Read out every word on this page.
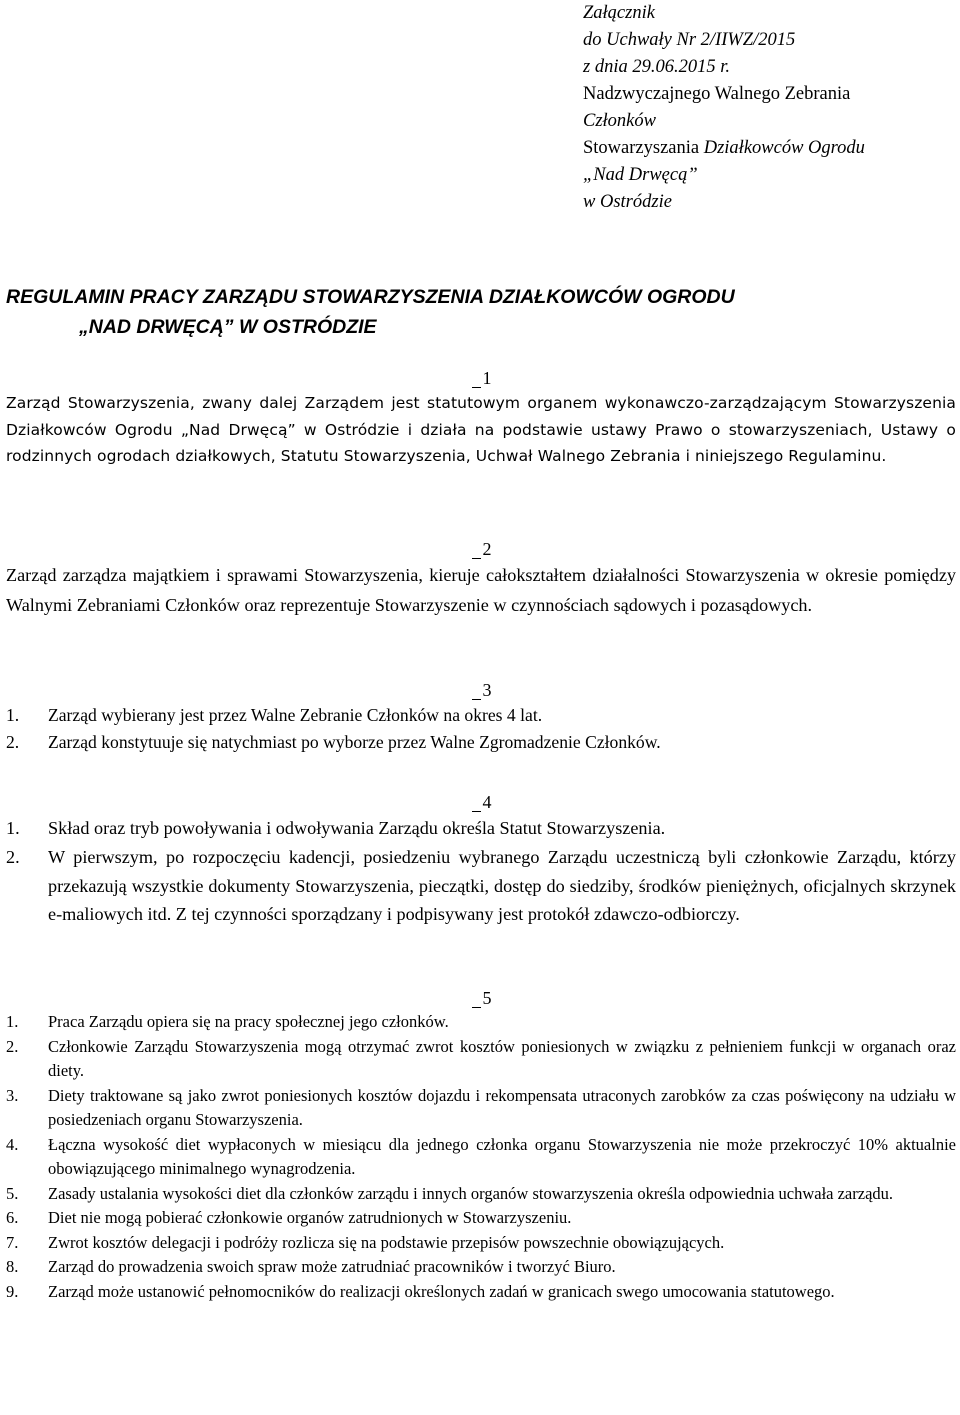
Załącznik
do Uchwały Nr 2/IIWZ/2015
z dnia 29.06.2015 r.
Nadzwyczajnego Walnego Zebrania
Członków
Stowarzyszania Działkowców Ogrodu
„Nad Drwęcą”
w Ostródzie
REGULAMIN PRACY ZARZĄDU STOWARZYSZENIA DZIAŁKOWCÓW OGRODU
„NAD DRWĘCĄ” W OSTRÓDZIE
1
Zarząd Stowarzyszenia, zwany dalej Zarządem jest statutowym organem wykonawczo-zarządzającym Stowarzyszenia Działkowców Ogrodu „Nad Drwęcą” w Ostródzie i działa na podstawie ustawy Prawo o stowarzyszeniach, Ustawy o rodzinnych ogrodach działkowych, Statutu Stowarzyszenia, Uchwał Walnego Zebrania i niniejszego Regulaminu.
2
Zarząd zarządza majątkiem i sprawami Stowarzyszenia, kieruje całokształtem działalności Stowarzyszenia w okresie pomiędzy Walnymi Zebraniami Członków oraz reprezentuje Stowarzyszenie w czynnościach sądowych i pozasądowych.
3
1. Zarząd wybierany jest przez Walne Zebranie Członków na okres 4 lat.
2. Zarząd konstytuuje się natychmiast po wyborze przez Walne Zgromadzenie Członków.
4
1. Skład oraz tryb powoływania i odwoływania Zarządu określa Statut Stowarzyszenia.
2. W pierwszym, po rozpoczęciu kadencji, posiedzeniu wybranego Zarządu uczestniczą byli członkowie Zarządu, którzy przekazują wszystkie dokumenty Stowarzyszenia, pieczątki, dostęp do siedziby, środków pieniężnych, oficjalnych skrzynek e-maliowych itd. Z tej czynności sporządzany i podpisywany jest protokół zdawczo-odbiorczy.
5
1. Praca Zarządu opiera się na pracy społecznej jego członków.
2. Członkowie Zarządu Stowarzyszenia mogą otrzymać zwrot kosztów poniesionych w związku z pełnieniem funkcji w organach oraz diety.
3. Diety traktowane są jako zwrot poniesionych kosztów dojazdu i rekompensata utraconych zarobków za czas poświęcony na udziału w posiedzeniach organu Stowarzyszenia.
4. Łączna wysokość diet wypłaconych w miesiącu dla jednego członka organu Stowarzyszenia nie może przekroczyć 10% aktualnie obowiązującego minimalnego wynagrodzenia.
5. Zasady ustalania wysokości diet dla członków zarządu i innych organów stowarzyszenia określa odpowiednia uchwała zarządu.
6. Diet nie mogą pobierać członkowie organów zatrudnionych w Stowarzyszeniu.
7. Zwrot kosztów delegacji i podróży rozlicza się na podstawie przepisów powszechnie obowiązujących.
8. Zarząd do prowadzenia swoich spraw może zatrudniać pracowników i tworzyć Biuro.
9. Zarząd może ustanowić pełnomocników do realizacji określonych zadań w granicach swego umocowania statutowego.
